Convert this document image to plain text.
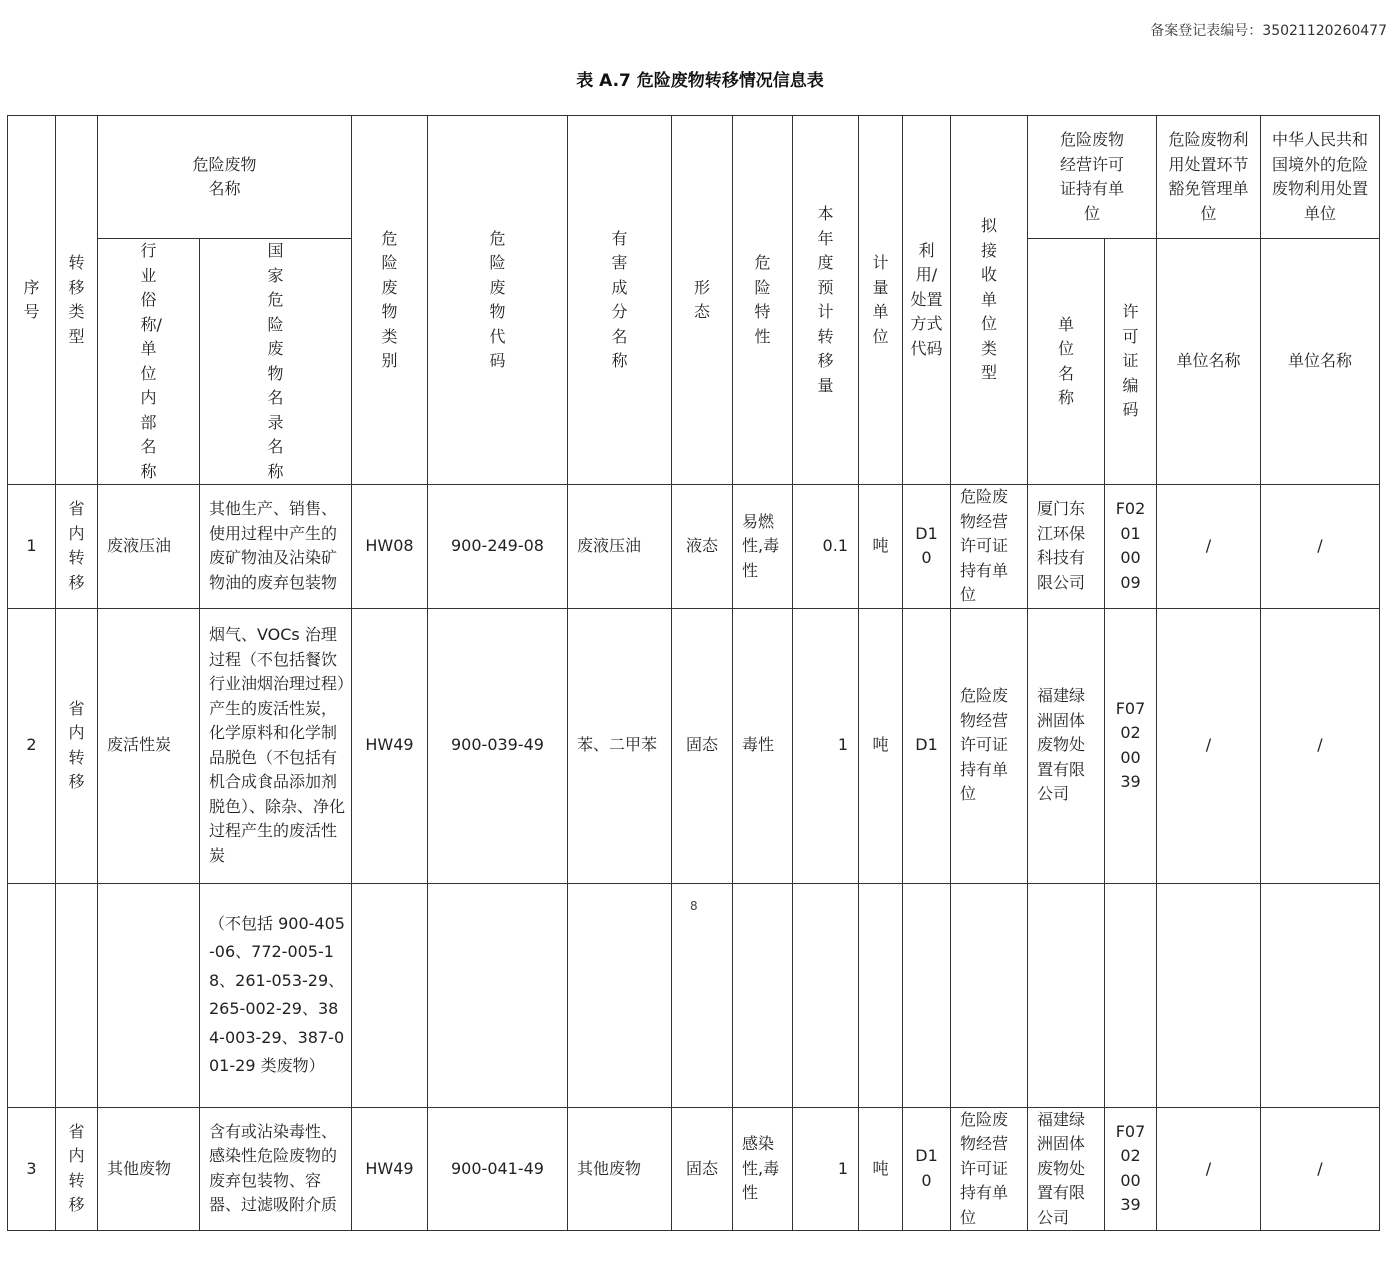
备案登记表编号：35021120260477
表 A.7 危险废物转移情况信息表
8
序号	转移类型	危险废物名称		危险废物类别	危险废物代码	有害成分名称	形态	危险特性	本年度预计转移量	计量单位	利用/处置方式代码	拟接收单位类型	危险废物经营许可证持有单位		危险废物利用处置环节豁免管理单位	中华人民共和国境外的危险废物利用处置单位

		行业俗称/单位内部名称	国家危险废物名录名称										单位名称	许可证编码	单位名称	单位名称
1	省内转移	废液压油	其他生产、销售、使用过程中产生的废矿物油及沾染矿物油的废弃包装物	HW08	900-249-08	废液压油	液态	易燃性,毒性	0.1	吨	D10	危险废物经营许可证持有单位	厦门东江环保科技有限公司	F02010009	/	/
2	省内转移	废活性炭	烟气、VOCs 治理过程（不包括餐饮行业油烟治理过程）产生的废活性炭，化学原料和化学制品脱色（不包括有机合成食品添加剂脱色）、除杂、净化过程产生的废活性炭	HW49	900-039-49	苯、二甲苯	固态	毒性	1	吨	D1	危险废物经营许可证持有单位	福建绿洲固体废物处置有限公司	F07020039	/	/
			（不包括 900-405-06、772-005-18、261-053-29、265-002-29、384-003-29、387-001-29 类废物）													
3	省内转移	其他废物	含有或沾染毒性、感染性危险废物的废弃包装物、容器、过滤吸附介质	HW49	900-041-49	其他废物	固态	感染性,毒性	1	吨	D10	危险废物经营许可证持有单位	福建绿洲固体废物处置有限公司	F07020039	/	/
